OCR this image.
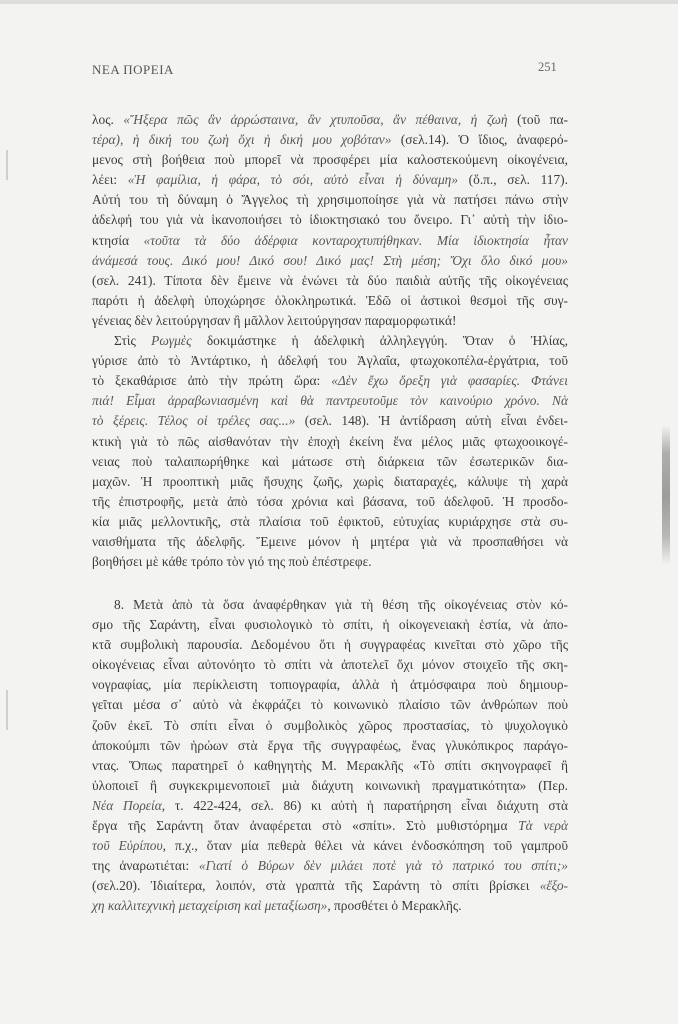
ΝΕΑ ΠΟΡΕΙΑ	251
λος. «Ἤξερα πῶς ἂν ἀρρώσταινα, ἂν χτυποῦσα, ἂν πέθαινα, ἡ ζωὴ (τοῦ πα-
τέρα), ἡ δική του ζωὴ ὄχι ἡ δική μου χοβόταν» (σελ.14). Ὁ ἴδιος, ἀναφερό-
μενος στὴ βοήθεια ποὺ μπορεῖ νὰ προσφέρει μία καλοστεκούμενη οἰκογένεια,
λέει: «Ἡ φαμίλια, ἡ φάρα, τὸ σόι, αὐτὸ εἶναι ἡ δύναμη» (ὅ.π., σελ. 117).
Αὐτή του τὴ δύναμη ὁ Ἄγγελος τὴ χρησιμοποίησε γιὰ νὰ πατήσει πάνω στὴν
ἀδελφή του γιὰ νὰ ἱκανοποιήσει τὸ ἰδιοκτησιακό του ὄνειρο. Γι᾿ αὐτὴ τὴν ἰδιο-
κτησία «τοῦτα τὰ δύο ἀδέρφια κονταροχτυπήθηκαν. Μία ἰδιοκτησία ἦταν
ἀνάμεσά τους. Δικό μου! Δικό σου! Δικό μας! Στὴ μέση; Ὄχι ὅλο δικό μου»
(σελ. 241). Τίποτα δὲν ἔμεινε νὰ ἑνώνει τὰ δύο παιδιὰ αὐτῆς τῆς οἰκογένειας
παρότι ἡ ἀδελφὴ ὑποχώρησε ὁλοκληρωτικά. Ἐδῶ οἱ ἀστικοὶ θεσμοὶ τῆς συγ-
γένειας δὲν λειτούργησαν ἢ μᾶλλον λειτούργησαν παραμορφωτικά!
Στὶς Ρωγμὲς δοκιμάστηκε ἡ ἀδελφικὴ ἀλληλεγγύη. Ὅταν ὁ Ἠλίας,
γύρισε ἀπὸ τὸ Ἀντάρτικο, ἡ ἀδελφή του Ἀγλαΐα, φτωχοκοπέλα-ἐργάτρια, τοῦ
τὸ ξεκαθάρισε ἀπὸ τὴν πρώτη ὥρα: «Δὲν ἔχω ὄρεξη γιὰ φασαρίες. Φτάνει
πιά! Εἶμαι ἀρραβωνιασμένη καὶ θὰ παντρευτοῦμε τὸν καινούριο χρόνο. Νὰ
τὸ ξέρεις. Τέλος οἱ τρέλες σας...» (σελ. 148). Ἡ ἀντίδραση αὐτὴ εἶναι ἐνδει-
κτικὴ γιὰ τὸ πῶς αἰσθανόταν τὴν ἐποχὴ ἐκείνη ἕνα μέλος μιᾶς φτωχοοικογέ-
νειας ποὺ ταλαιπωρήθηκε καὶ μάτωσε στὴ διάρκεια τῶν ἐσωτερικῶν δια-
μαχῶν. Ἡ προοπτικὴ μιᾶς ἥσυχης ζωῆς, χωρὶς διαταραχές, κάλυψε τὴ χαρὰ
τῆς ἐπιστροφῆς, μετὰ ἀπὸ τόσα χρόνια καὶ βάσανα, τοῦ ἀδελφοῦ. Ἡ προσδο-
κία μιᾶς μελλοντικῆς, στὰ πλαίσια τοῦ ἐφικτοῦ, εὐτυχίας κυριάρχησε στὰ συ-
ναισθήματα τῆς ἀδελφῆς. Ἔμεινε μόνον ἡ μητέρα γιὰ νὰ προσπαθήσει νὰ
βοηθήσει μὲ κάθε τρόπο τὸν γιό της ποὺ ἐπέστρεφε.
8. Μετὰ ἀπὸ τὰ ὅσα ἀναφέρθηκαν γιὰ τὴ θέση τῆς οἰκογένειας στὸν κό-
σμο τῆς Σαράντη, εἶναι φυσιολογικὸ τὸ σπίτι, ἡ οἰκογενειακὴ ἑστία, νὰ ἀπο-
κτᾶ συμβολικὴ παρουσία. Δεδομένου ὅτι ἡ συγγραφέας κινεῖται στὸ χῶρο τῆς
οἰκογένειας εἶναι αὐτονόητο τὸ σπίτι νὰ ἀποτελεῖ ὄχι μόνον στοιχεῖο τῆς σκη-
νογραφίας, μία περίκλειστη τοπιογραφία, ἀλλὰ ἡ ἀτμόσφαιρα ποὺ δημιουρ-
γεῖται μέσα σ᾿ αὐτὸ νὰ ἐκφράζει τὸ κοινωνικὸ πλαίσιο τῶν ἀνθρώπων ποὺ
ζοῦν ἐκεῖ. Τὸ σπίτι εἶναι ὁ συμβολικὸς χῶρος προστασίας, τὸ ψυχολογικὸ
ἀποκούμπι τῶν ἡρώων στὰ ἔργα τῆς συγγραφέως, ἕνας γλυκόπικρος παράγο-
ντας. Ὅπως παρατηρεῖ ὁ καθηγητὴς Μ. Μερακλῆς «Τὸ σπίτι σκηνογραφεῖ ἢ
ὑλοποιεῖ ἢ συγκεκριμενοποιεῖ μιὰ διάχυτη κοινωνικὴ πραγματικότητα» (Περ.
Νέα Πορεία, τ. 422-424, σελ. 86) κι αὐτὴ ἡ παρατήρηση εἶναι διάχυτη στὰ
ἔργα τῆς Σαράντη ὅταν ἀναφέρεται στὸ «σπίτι». Στὸ μυθιστόρημα Τὰ νερὰ
τοῦ Εὐρίπου, π.χ., ὅταν μία πεθερὰ θέλει νὰ κάνει ἐνδοσκόπηση τοῦ γαμπροῦ
της ἀναρωτιέται: «Γιατί ὁ Βύρων δὲν μιλάει ποτὲ γιὰ τὸ πατρικό του σπίτι;»
(σελ.20). Ἰδιαίτερα, λοιπόν, στὰ γραπτὰ τῆς Σαράντη τὸ σπίτι βρίσκει «ἔξο-
χη καλλιτεχνικὴ μεταχείριση καὶ μεταξίωση», προσθέτει ὁ Μερακλῆς.
